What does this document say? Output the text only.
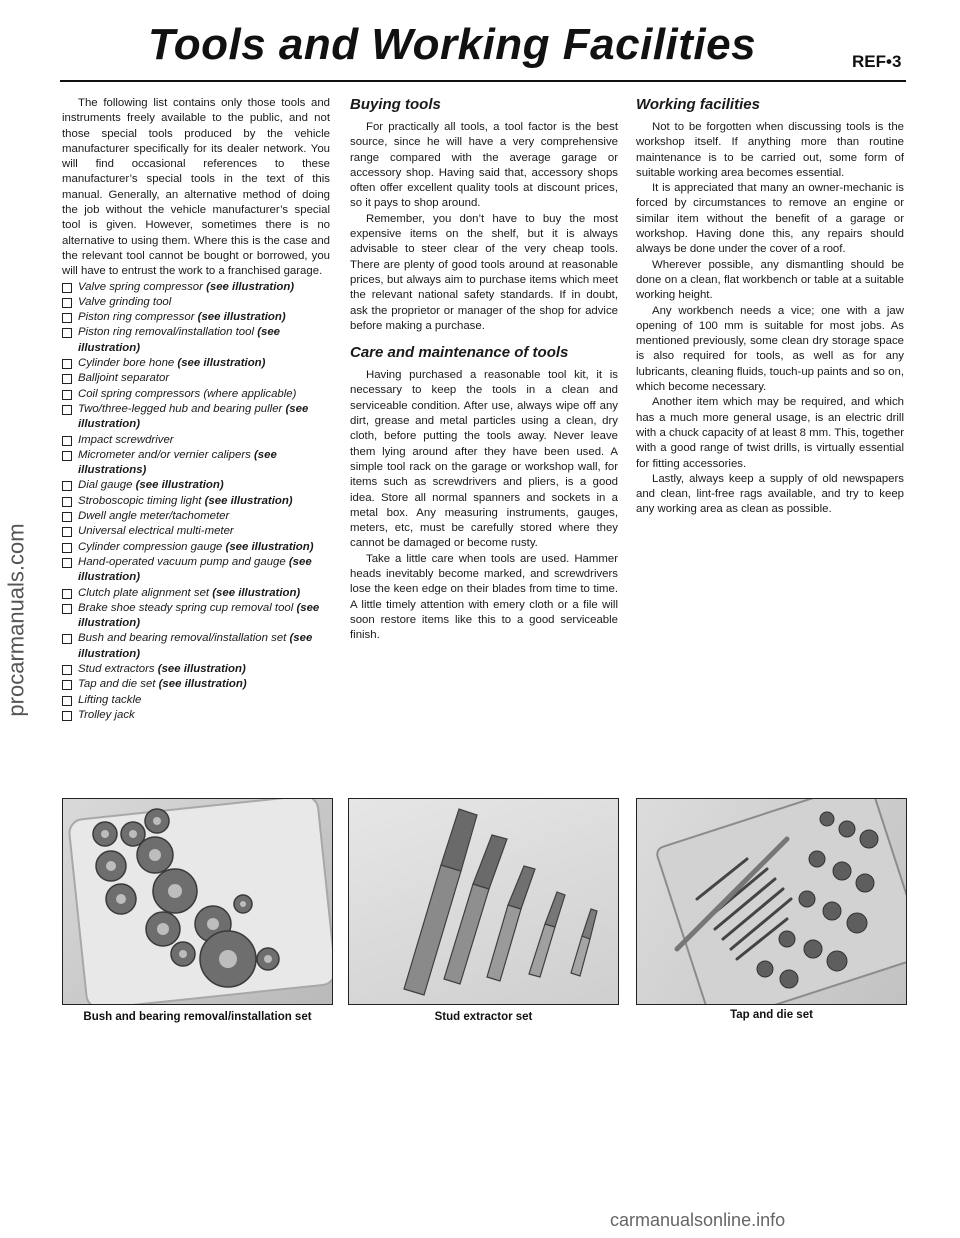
Tools and Working Facilities	REF•3
procarmanuals.com

The following list contains only those tools and instruments freely available to the public, and not those special tools produced by the vehicle manufacturer specifically for its dealer network. You will find occasional references to these manufacturer’s special tools in the text of this manual. Generally, an alternative method of doing the job without the vehicle manufacturer’s special tool is given. However, sometimes there is no alternative to using them. Where this is the case and the relevant tool cannot be bought or borrowed, you will have to entrust the work to a franchised garage.

Valve spring compressor (see illustration)
Valve grinding tool
Piston ring compressor (see illustration)
Piston ring removal/installation tool (see illustration)
Cylinder bore hone (see illustration)
Balljoint separator
Coil spring compressors (where applicable)
Two/three-legged hub and bearing puller (see illustration)
Impact screwdriver
Micrometer and/or vernier calipers (see illustrations)
Dial gauge (see illustration)
Stroboscopic timing light (see illustration)
Dwell angle meter/tachometer
Universal electrical multi-meter
Cylinder compression gauge (see illustration)
Hand-operated vacuum pump and gauge (see illustration)
Clutch plate alignment set (see illustration)
Brake shoe steady spring cup removal tool (see illustration)
Bush and bearing removal/installation set (see illustration)
Stud extractors (see illustration)
Tap and die set (see illustration)
Lifting tackle
Trolley jack
Buying tools

For practically all tools, a tool factor is the best source, since he will have a very comprehensive range compared with the average garage or accessory shop. Having said that, accessory shops often offer excellent quality tools at discount prices, so it pays to shop around.

Remember, you don’t have to buy the most expensive items on the shelf, but it is always advisable to steer clear of the very cheap tools. There are plenty of good tools around at reasonable prices, but always aim to purchase items which meet the relevant national safety standards. If in doubt, ask the proprietor or manager of the shop for advice before making a purchase.

Care and maintenance of tools

Having purchased a reasonable tool kit, it is necessary to keep the tools in a clean and serviceable condition. After use, always wipe off any dirt, grease and metal particles using a clean, dry cloth, before putting the tools away. Never leave them lying around after they have been used. A simple tool rack on the garage or workshop wall, for items such as screwdrivers and pliers, is a good idea. Store all normal spanners and sockets in a metal box. Any measuring instruments, gauges, meters, etc, must be carefully stored where they cannot be damaged or become rusty.

Take a little care when tools are used. Hammer heads inevitably become marked, and screwdrivers lose the keen edge on their blades from time to time. A little timely attention with emery cloth or a file will soon restore items like this to a good serviceable finish.

Working facilities

Not to be forgotten when discussing tools is the workshop itself. If anything more than routine maintenance is to be carried out, some form of suitable working area becomes essential.

It is appreciated that many an owner-mechanic is forced by circumstances to remove an engine or similar item without the benefit of a garage or workshop. Having done this, any repairs should always be done under the cover of a roof.

Wherever possible, any dismantling should be done on a clean, flat workbench or table at a suitable working height.

Any workbench needs a vice; one with a jaw opening of 100 mm is suitable for most jobs. As mentioned previously, some clean dry storage space is also required for tools, as well as for any lubricants, cleaning fluids, touch-up paints and so on, which become necessary.

Another item which may be required, and which has a much more general usage, is an electric drill with a chuck capacity of at least 8 mm. This, together with a good range of twist drills, is virtually essential for fitting accessories.

Lastly, always keep a supply of old newspapers and clean, lint-free rags available, and try to keep any working area as clean as possible.

Bush and bearing removal/installation set	Stud extractor set	Tap and die set
carmanualsonline.info
